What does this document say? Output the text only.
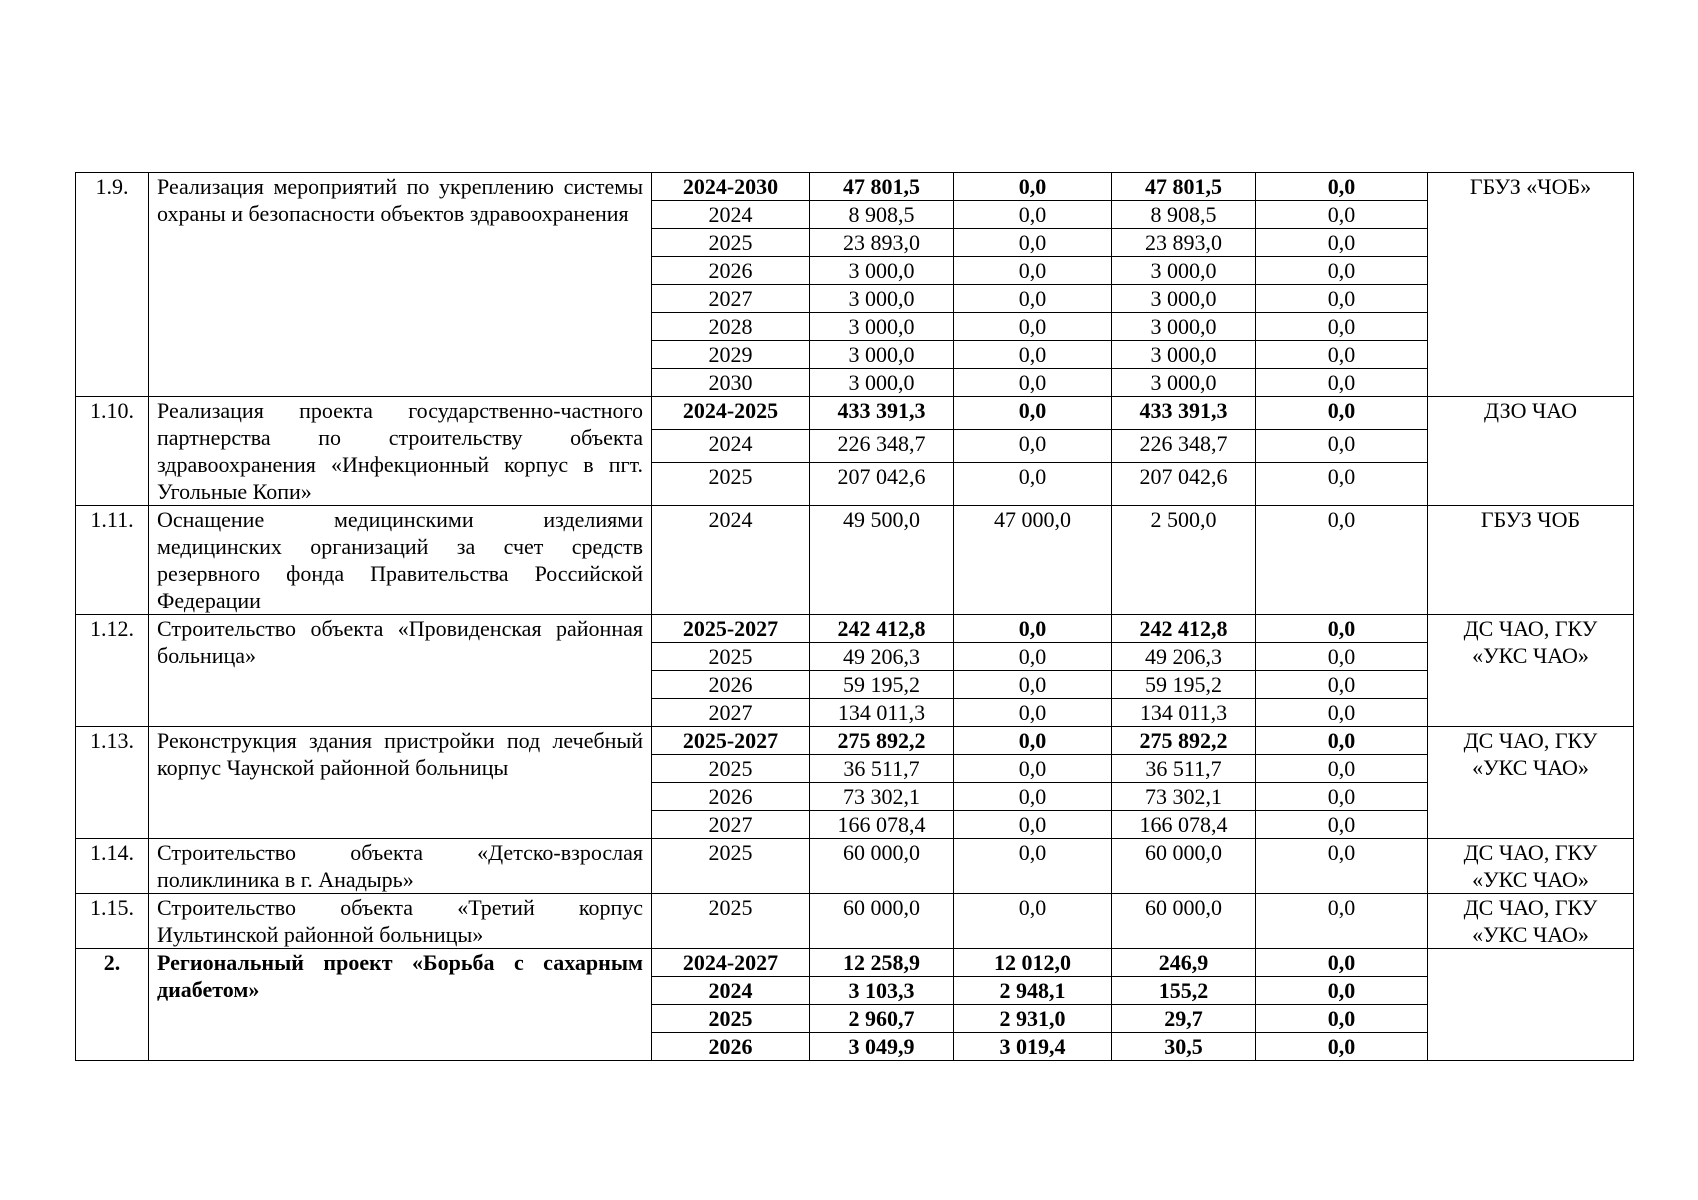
1.9.	Реализация мероприятий по укреплению системы охраны и безопасности объектов здравоохранения	2024-2030	47 801,5	0,0	47 801,5	0,0	ГБУЗ «ЧОБ»
		2024	8 908,5	0,0	8 908,5	0,0	
		2025	23 893,0	0,0	23 893,0	0,0	
		2026	3 000,0	0,0	3 000,0	0,0	
		2027	3 000,0	0,0	3 000,0	0,0	
		2028	3 000,0	0,0	3 000,0	0,0	
		2029	3 000,0	0,0	3 000,0	0,0	
		2030	3 000,0	0,0	3 000,0	0,0	
1.10.	Реализация проекта государственно-частного партнерства по строительству объекта здравоохранения «Инфекционный корпус в пгт. Угольные Копи»	2024-2025	433 391,3	0,0	433 391,3	0,0	ДЗО ЧАО
		2024	226 348,7	0,0	226 348,7	0,0	
		2025	207 042,6	0,0	207 042,6	0,0	
1.11.	Оснащение медицинскими изделиями медицинских организаций за счет средств резервного фонда Правительства Российской Федерации	2024	49 500,0	47 000,0	2 500,0	0,0	ГБУЗ ЧОБ
1.12.	Строительство объекта «Провиденская районная больница»	2025-2027	242 412,8	0,0	242 412,8	0,0	ДС ЧАО, ГКУ «УКС ЧАО»
		2025	49 206,3	0,0	49 206,3	0,0	
		2026	59 195,2	0,0	59 195,2	0,0	
		2027	134 011,3	0,0	134 011,3	0,0	
1.13.	Реконструкция здания пристройки под лечебный корпус Чаунской районной больницы	2025-2027	275 892,2	0,0	275 892,2	0,0	ДС ЧАО, ГКУ «УКС ЧАО»
		2025	36 511,7	0,0	36 511,7	0,0	
		2026	73 302,1	0,0	73 302,1	0,0	
		2027	166 078,4	0,0	166 078,4	0,0	
1.14.	Строительство объекта «Детско-взрослая поликлиника в г. Анадырь»	2025	60 000,0	0,0	60 000,0	0,0	ДС ЧАО, ГКУ «УКС ЧАО»
1.15.	Строительство объекта «Третий корпус Иультинской районной больницы»	2025	60 000,0	0,0	60 000,0	0,0	ДС ЧАО, ГКУ «УКС ЧАО»
2.	Региональный проект «Борьба с сахарным диабетом»	2024-2027	12 258,9	12 012,0	246,9	0,0	
		2024	3 103,3	2 948,1	155,2	0,0	
		2025	2 960,7	2 931,0	29,7	0,0	
		2026	3 049,9	3 019,4	30,5	0,0	
